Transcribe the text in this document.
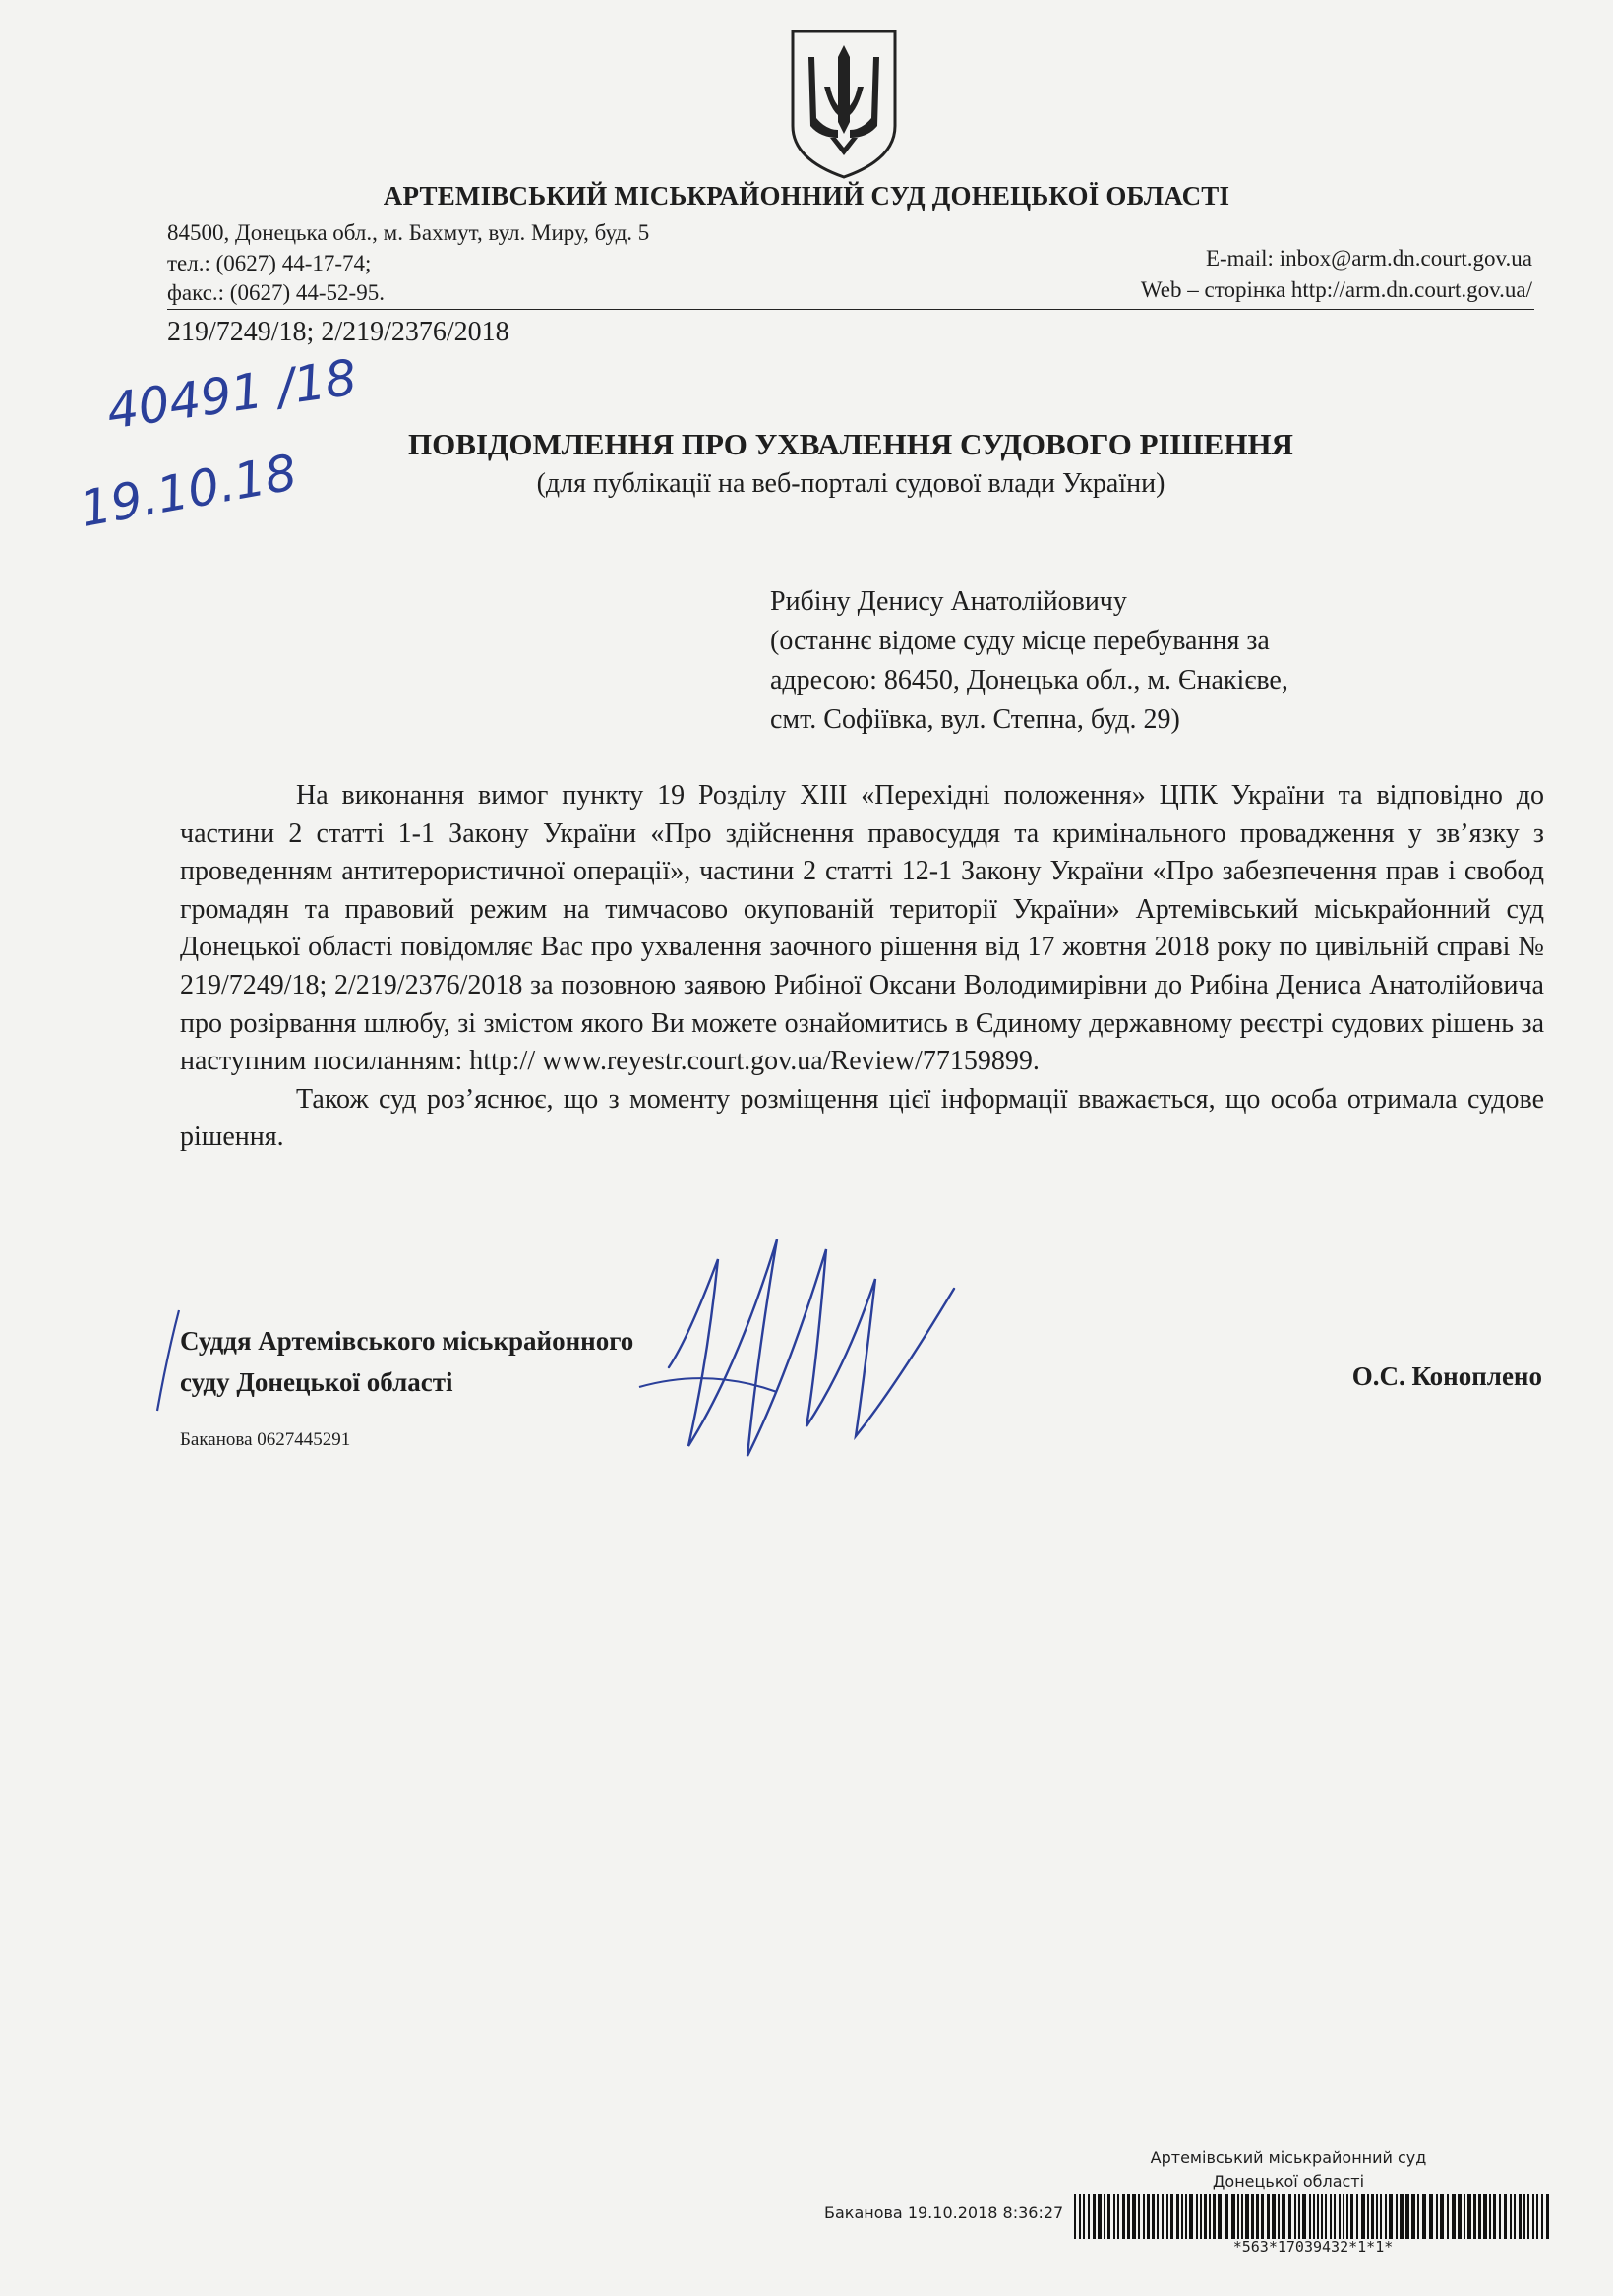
АРТЕМІВСЬКИЙ МІСЬКРАЙОННИЙ СУД ДОНЕЦЬКОЇ ОБЛАСТІ
84500, Донецька обл., м. Бахмут, вул. Миру, буд. 5
тел.: (0627) 44-17-74;
факс.: (0627) 44-52-95.
E-mail: inbox@arm.dn.court.gov.ua
Web – сторінка http://arm.dn.court.gov.ua/
219/7249/18; 2/219/2376/2018
40491 /18
19.10.18	ПОВІДОМЛЕННЯ ПРО УХВАЛЕННЯ СУДОВОГО РІШЕННЯ
(для публікації на веб-порталі судової влади України)
Рибіну Денису Анатолійовичу
(останнє відоме суду місце перебування за
адресою: 86450, Донецька обл., м. Єнакієве,
смт. Софіївка, вул. Степна, буд. 29)

На виконання вимог пункту 19 Розділу XIII «Перехідні положення» ЦПК України та відповідно до частини 2 статті 1-1 Закону України «Про здійснення правосуддя та кримінального провадження у зв’язку з проведенням антитерористичної операції», частини 2 статті 12-1 Закону України «Про забезпечення прав і свобод громадян та правовий режим на тимчасово окупованій території України» Артемівський міськрайонний суд Донецької області повідомляє Вас про ухвалення заочного рішення від 17 жовтня 2018 року по цивільній справі № 219/7249/18; 2/219/2376/2018 за позовною заявою Рибіної Оксани Володимирівни до Рибіна Дениса Анатолійовича про розірвання шлюбу, зі змістом якого Ви можете ознайомитись в Єдиному державному реєстрі судових рішень за наступним посиланням: http:// www.reyestr.court.gov.ua/Review/77159899.

Також суд роз’яснює, що з моменту розміщення цієї інформації вважається, що особа отримала судове рішення.

Суддя Артемівського міськрайонного
суду Донецької області	О.С. Коноплено
Баканова 0627445291
Артемівський міськрайонний суд
Донецької області
Баканова 19.10.2018 8:36:27
*563*17039432*1*1*
